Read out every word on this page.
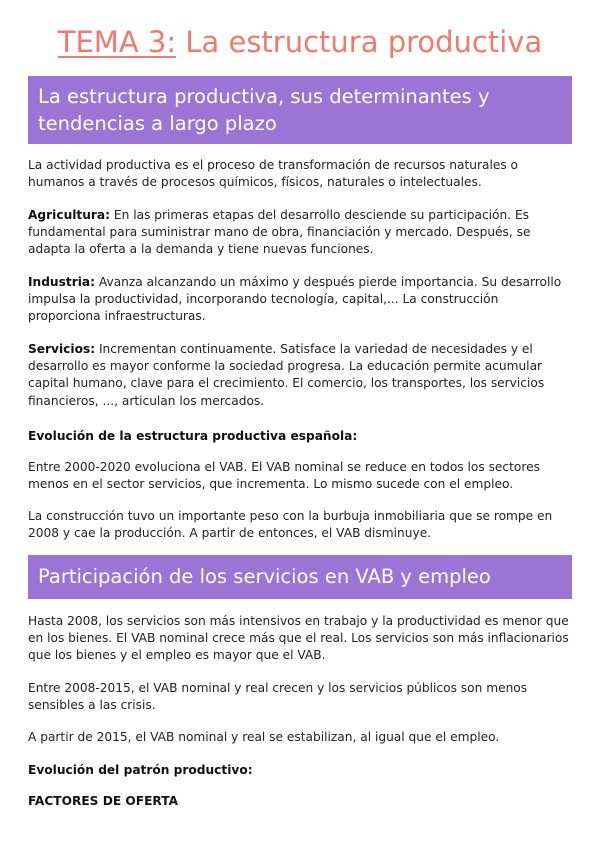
TEMA 3: La estructura productiva
La estructura productiva, sus determinantes y
tendencias a largo plazo

La actividad productiva es el proceso de transformación de recursos naturales o humanos a través de procesos químicos, físicos, naturales o intelectuales.

Agricultura: En las primeras etapas del desarrollo desciende su participación. Es fundamental para suministrar mano de obra, financiación y mercado. Después, se adapta la oferta a la demanda y tiene nuevas funciones.

Industria: Avanza alcanzando un máximo y después pierde importancia. Su desarrollo impulsa la productividad, incorporando tecnología, capital,... La construcción proporciona infraestructuras.

Servicios: Incrementan continuamente. Satisface la variedad de necesidades y el desarrollo es mayor conforme la sociedad progresa. La educación permite acumular capital humano, clave para el crecimiento. El comercio, los transportes, los servicios financieros, ..., articulan los mercados.

Evolución de la estructura productiva española:

Entre 2000-2020 evoluciona el VAB. El VAB nominal se reduce en todos los sectores menos en el sector servicios, que incrementa. Lo mismo sucede con el empleo.

La construcción tuvo un importante peso con la burbuja inmobiliaria que se rompe en 2008 y cae la producción. A partir de entonces, el VAB disminuye.

Participación de los servicios en VAB y empleo

Hasta 2008, los servicios son más intensivos en trabajo y la productividad es menor que en los bienes. El VAB nominal crece más que el real. Los servicios son más inflacionarios que los bienes y el empleo es mayor que el VAB.

Entre 2008-2015, el VAB nominal y real crecen y los servicios públicos son menos sensibles a las crisis.

A partir de 2015, el VAB nominal y real se estabilizan, al igual que el empleo.

Evolución del patrón productivo:

FACTORES DE OFERTA
